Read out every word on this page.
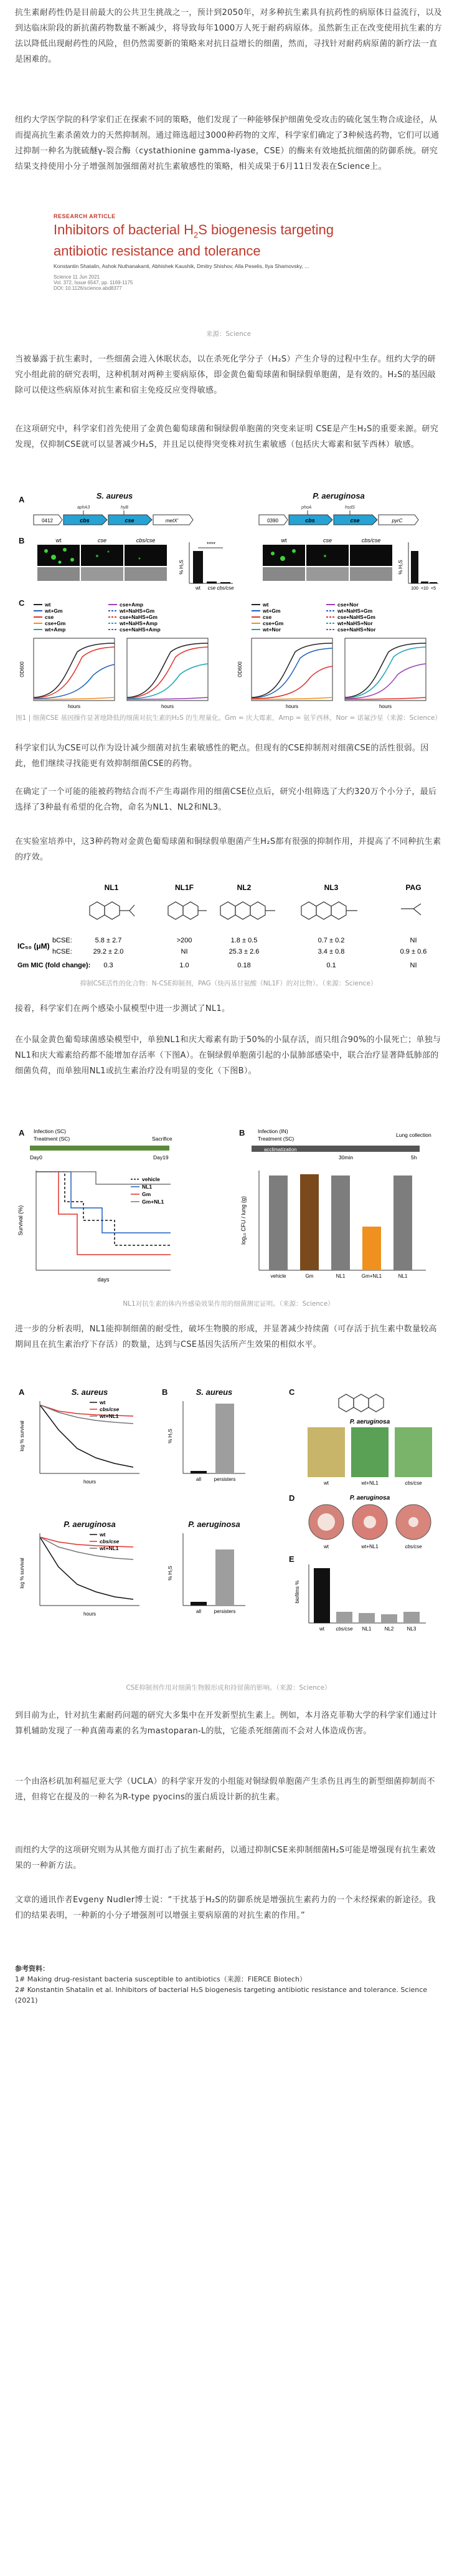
抗生素耐药性仍是目前最大的公共卫生挑战之一，预计到2050年，对多种抗生素具有抗药性的病原体日益流行，以及到达临床阶段的新抗菌药物数量不断减少，将导致每年1000万人死于耐药病原体。虽然新生正在改变使用抗生素的方法以降低出现耐药性的风险，但仍然需要新的策略来对抗日益增长的细菌，然而，寻找针对耐药病原菌的新疗法一直是困难的。
纽约大学医学院的科学家们正在探索不同的策略，他们发现了一种能够保护细菌免受攻击的硫化氢生物合成途径，从而提高抗生素杀菌效力的天然抑制剂。通过筛选超过3000种药物的文库，科学家们确定了3种候选药物，它们可以通过抑制一种名为胱硫醚γ-裂合酶（cystathionine gamma-lyase，CSE）的酶来有效地抵抗细菌的防御系统。研究结果支持使用小分子增强剂加强细菌对抗生素敏感性的策略，相关成果于6月11日发表在Science上。
RESEARCH ARTICLE
Inhibitors of bacterial $H_2S$ biogenesis targeting
antibiotic resistance and tolerance
Konstantin Shatalin, Ashok Nuthanakanti, Abhishek Kaushik, Dmitry Shishov, Alla Peselis, Ilya Shamovsky, ...
Science 11 Jun 2021
Vol. 372, Issue 6547, pp. 1169-1175
DOI: 10.1126/science.abd8377
来源：Science
当被暴露于抗生素时，一些细菌会进入休眠状态，以在杀死化学分子（H₂S）产生介导的过程中生存。纽约大学的研究小组此前的研究表明，这种机制对两种主要病原体，即金黄色葡萄球菌和铜绿假单胞菌，是有效的。H₂S的基因敲除可以使这些病原体对抗生素和宿主免疫反应变得敏感。
在这项研究中，科学家们首先使用了金黄色葡萄球菌和铜绿假单胞菌的突变来证明 CSE是产生H₂S的重要来源。研究发现，仅抑制CSE就可以显著减少H₂S，并且足以使得突变株对抗生素敏感（包括庆大霉素和氨苄西林）敏感。
A	S. aureus	P. aeruginosa
aphA3	hyB
0412	cbs	cse	metX'
phoA	hsdS
0390	cbs	cse	pyrC
B	wt	cse	cbs/cse
% H₂S
****
wt cse cbs/cse
wt	cse	cbs/cse
% H₂S
100 <10 <5
C	wt
wt+Gm
cse
cse+Gm
wt+Amp
cse+Amp
wt+NaHS+Gm
cse+NaHS+Gm
wt+NaHS+Amp
cse+NaHS+Amp
wt
wt+Gm
cse
cse+Gm
wt+Nor
cse+Nor
wt+NaHS+Gm
cse+NaHS+Gm
wt+NaHS+Nor
cse+NaHS+Nor
OD600
hours	hours
OD600
hours	hours
图1 | 细菌CSE 基因操作显著地降低的细菌对抗生素的H₂S 的生理量化。Gm = 庆大霉素，Amp = 氨苄西林，Nor = 诺氟沙星（来源：Science）
科学家们认为CSE可以作为设计减少细菌对抗生素敏感性的靶点。但现有的CSE抑制剂对细菌CSE的活性很弱。因此，他们继续寻找能更有效抑制细菌CSE的药物。
在确定了一个可能的能被药物结合而不产生毒副作用的细菌CSE位点后，研究小组筛选了大约320万个小分子，最后选择了3种最有希望的化合物，命名为NL1、NL2和NL3。
在实验室培养中，这3种药物对金黄色葡萄球菌和铜绿假单胞菌产生H₂S都有很强的抑制作用，并提高了不同种抗生素的疗效。
NL1	NL1F	NL2	NL3	PAG
IC₅₀ (μM)
bCSE:
hCSE:
5.8 ± 2.7	>200	1.8 ± 0.5	0.7 ± 0.2	NI
29.2 ± 2.0	NI	25.3 ± 2.6	3.4 ± 0.8	0.9 ± 0.6
Gm MIC (fold change): 0.3	1.0	0.18	0.1	NI
抑制CSE活性的化合物：N-CSE抑制剂，PAG（炔丙基甘氨酸（NL1F）的对比物）。（来源：Science）
接着，科学家们在两个感染小鼠模型中进一步测试了NL1。
在小鼠金黄色葡萄球菌感染模型中，单独NL1和庆大霉素有助于50%的小鼠存活，而只组合90%的小鼠死亡；单独与NL1和庆大霉素给药都不能增加存活率（下图A）。在铜绿假单胞菌引起的小鼠肺部感染中，联合治疗显著降低肺部的细菌负荷，而单独用NL1或抗生素治疗没有明显的变化（下图B）。
A Infection (SC)
Treatment (SC)	Sacrifice
Day0	Day19
B Infection (IN)
Treatment (SC)
Lung collection
acclimatization
30min	5h
Survival (%)
days
vehicle
NL1
Gm
Gm+NL1	log₁₀ CFU / lung (g)
vehicle	Gm	NL1	Gm+NL1	NL1
NL1对抗生素的体内外感染效果作用的细菌测定证明。（来源：Science）
进一步的分析表明，NL1能抑制细菌的耐受性，破坏生物膜的形成，并显著减少持续菌（可存活于抗生素中数量较高期间且在抗生素治疗下存活）的数量，达到与CSE基因失活所产生效果的相似水平。
A	S. aureus
log % survival
hours
wt
cbs/cse
wt+NL1
B	S. aureus
% H₂S
all	persisters
C
P. aeruginosa
wt	wt+NL1	cbs/cse
P. aeruginosa
log % survival
hours
wt
cbs/cse
wt+NL1
P. aeruginosa
% H₂S
all	persisters
D	P. aeruginosa
wt	wt+NL1	cbs/cse
E
biofilms %
wt cbs/cse NL1	NL2	NL3
CSE抑制剂作用对细菌生物膜形成和持留菌的影响。（来源：Science）
到目前为止，针对抗生素耐药问题的研究大多集中在开发新型抗生素上。例如，本月洛克菲勒大学的科学家们通过计算机辅助发现了一种真菌毒素的名为mastoparan-L的肽，它能杀死细菌而不会对人体造成伤害。
一个由洛杉矶加利福尼亚大学（UCLA）的科学家开发的小组能对铜绿假单胞菌产生杀伤且再生的新型细菌抑制而不进，但将它在提及的一种名为R-type pyocins的蛋白质设计新的抗生素。
而纽约大学的这项研究则为从其他方面打击了抗生素耐药，以通过抑制CSE来抑制细菌H₂S可能是增强现有抗生素效果的一种新方法。
文章的通讯作者Evgeny Nudler博士说：“干扰基于H₂S的防御系统是增强抗生素药力的一个未经探索的新途径。我们的结果表明，一种新的小分子增强剂可以增强主要病原菌的对抗生素的作用。”
参考资料：
1# Making drug-resistant bacteria susceptible to antibiotics（来源：FIERCE Biotech）
2# Konstantin Shatalin et al. Inhibitors of bacterial H₂S biogenesis targeting antibiotic resistance and tolerance. Science (2021)
